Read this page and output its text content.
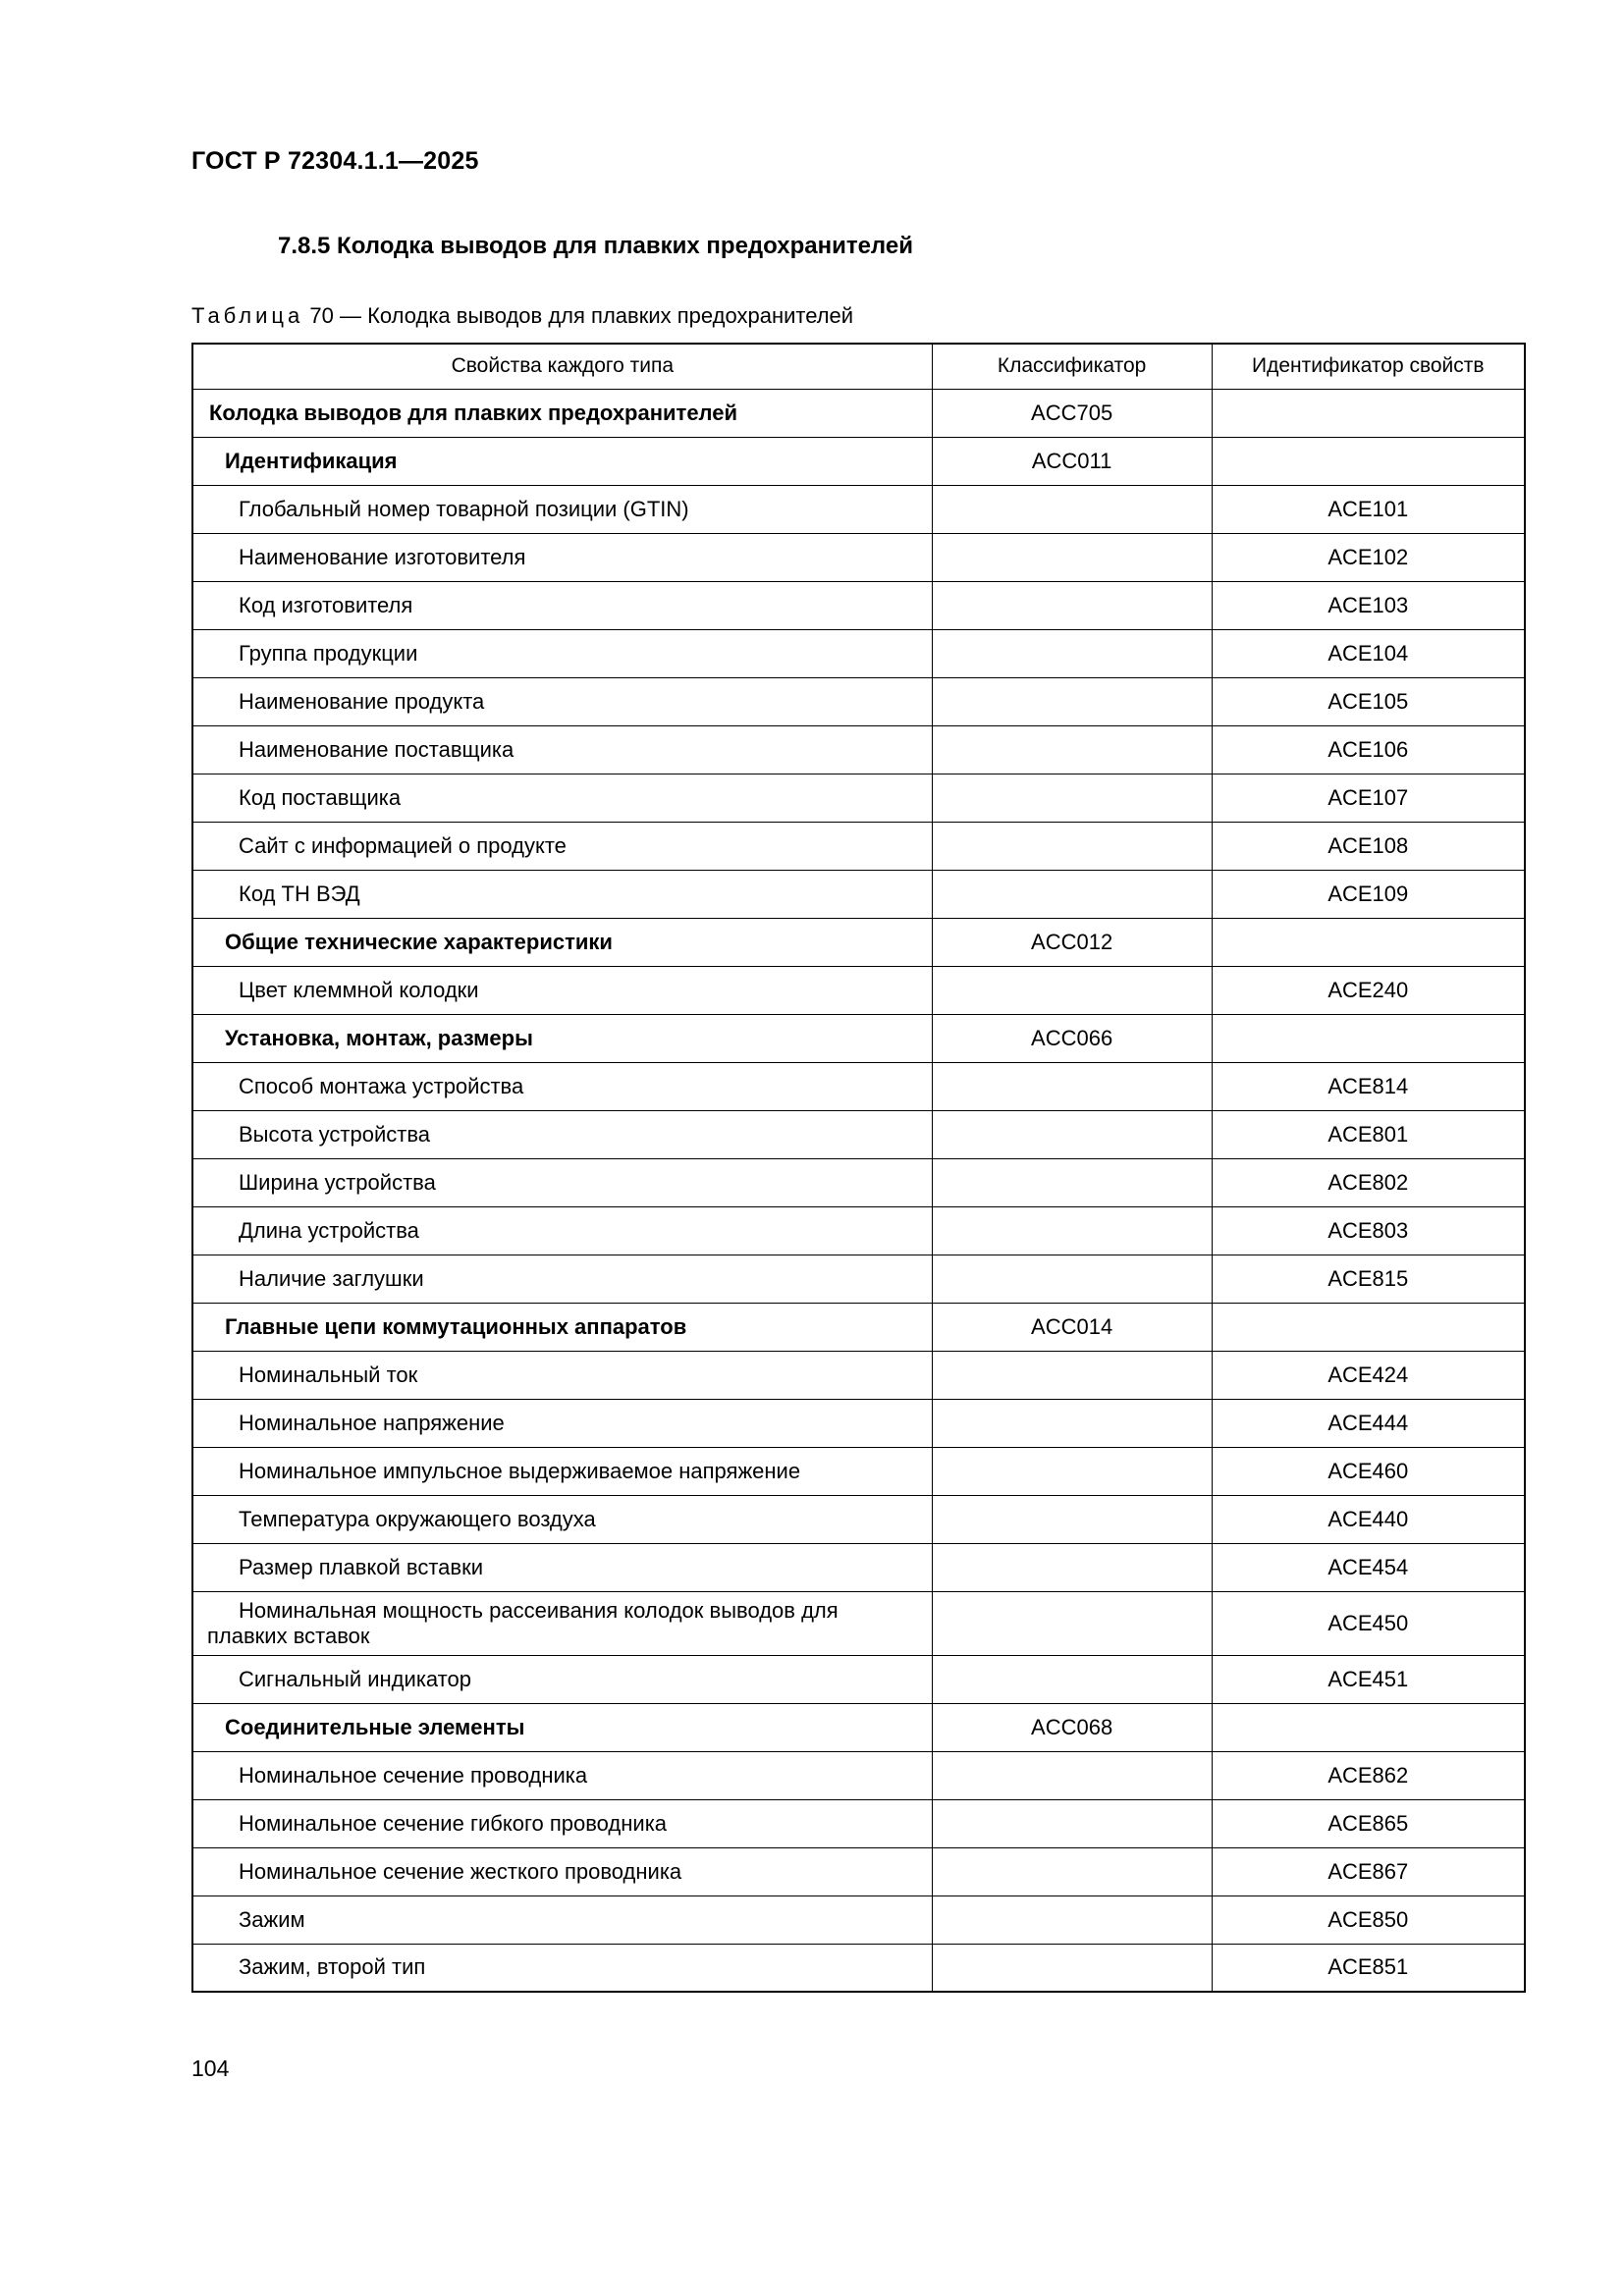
ГОСТ Р 72304.1.1—2025
7.8.5 Колодка выводов для плавких предохранителей
Таблица 70 — Колодка выводов для плавких предохранителей
Свойства каждого типа	Классификатор	Идентификатор свойств
Колодка выводов для плавких предохранителей	ACC705	
Идентификация	ACC011	
Глобальный номер товарной позиции (GTIN)		ACE101
Наименование изготовителя		ACE102
Код изготовителя		ACE103
Группа продукции		ACE104
Наименование продукта		ACE105
Наименование поставщика		ACE106
Код поставщика		ACE107
Сайт с информацией о продукте		ACE108
Код ТН ВЭД		ACE109
Общие технические характеристики	ACC012	
Цвет клеммной колодки		ACE240
Установка, монтаж, размеры	ACC066	
Способ монтажа устройства		ACE814
Высота устройства		ACE801
Ширина устройства		ACE802
Длина устройства		ACE803
Наличие заглушки		ACE815
Главные цепи коммутационных аппаратов	ACC014	
Номинальный ток		ACE424
Номинальное напряжение		ACE444
Номинальное импульсное выдерживаемое напряжение		ACE460
Температура окружающего воздуха		ACE440
Размер плавкой вставки		ACE454
Номинальная мощность рассеивания колодок выводов для плавких вставок		ACE450
Сигнальный индикатор		ACE451
Соединительные элементы	ACC068	
Номинальное сечение проводника		ACE862
Номинальное сечение гибкого проводника		ACE865
Номинальное сечение жесткого проводника		ACE867
Зажим		ACE850
Зажим, второй тип		ACE851
104
